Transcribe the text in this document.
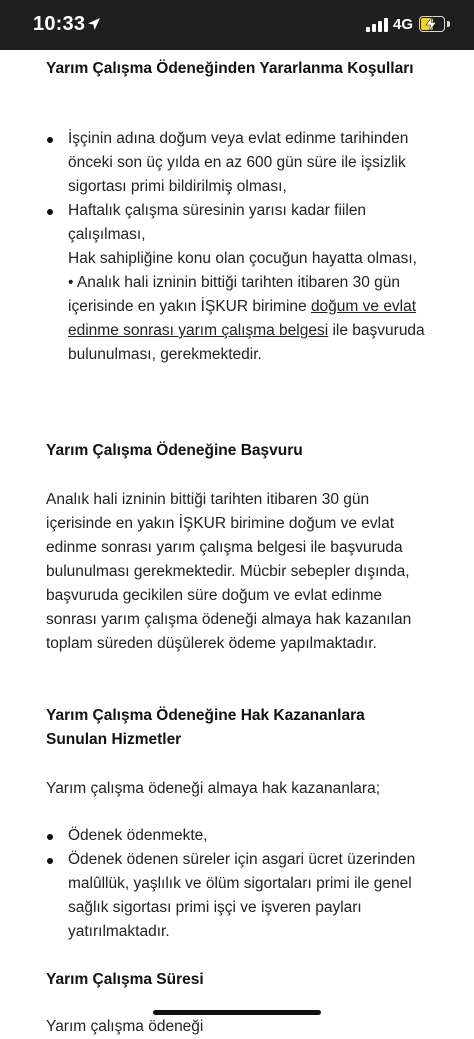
10:33	4G
Yarım Çalışma Ödeneğinden Yararlanma Koşulları
İşçinin adına doğum veya evlat edinme tarihinden önceki son üç yılda en az 600 gün süre ile işsizlik sigortası primi bildirilmiş olması,
Haftalık çalışma süresinin yarısı kadar fiilen çalışılması,
Hak sahipliğine konu olan çocuğun hayatta olması,
• Analık hali izninin bittiği tarihten itibaren 30 gün içerisinde en yakın İŞKUR birimine doğum ve evlat edinme sonrası yarım çalışma belgesi ile başvuruda bulunulması, gerekmektedir.
Yarım Çalışma Ödeneğine Başvuru

Analık hali izninin bittiği tarihten itibaren 30 gün içerisinde en yakın İŞKUR birimine doğum ve evlat edinme sonrası yarım çalışma belgesi ile başvuruda bulunulması gerekmektedir. Mücbir sebepler dışında, başvuruda gecikilen süre doğum ve evlat edinme sonrası yarım çalışma ödeneği almaya hak kazanılan toplam süreden düşülerek ödeme yapılmaktadır.

Yarım Çalışma Ödeneğine Hak Kazananlara Sunulan Hizmetler

Yarım çalışma ödeneği almaya hak kazananlara;

Ödenek ödenmekte,
Ödenek ödenen süreler için asgari ücret üzerinden malûllük, yaşlılık ve ölüm sigortaları primi ile genel sağlık sigortası primi işçi ve işveren payları yatırılmaktadır.
Yarım Çalışma Süresi
Yarım çalışma ödeneği
